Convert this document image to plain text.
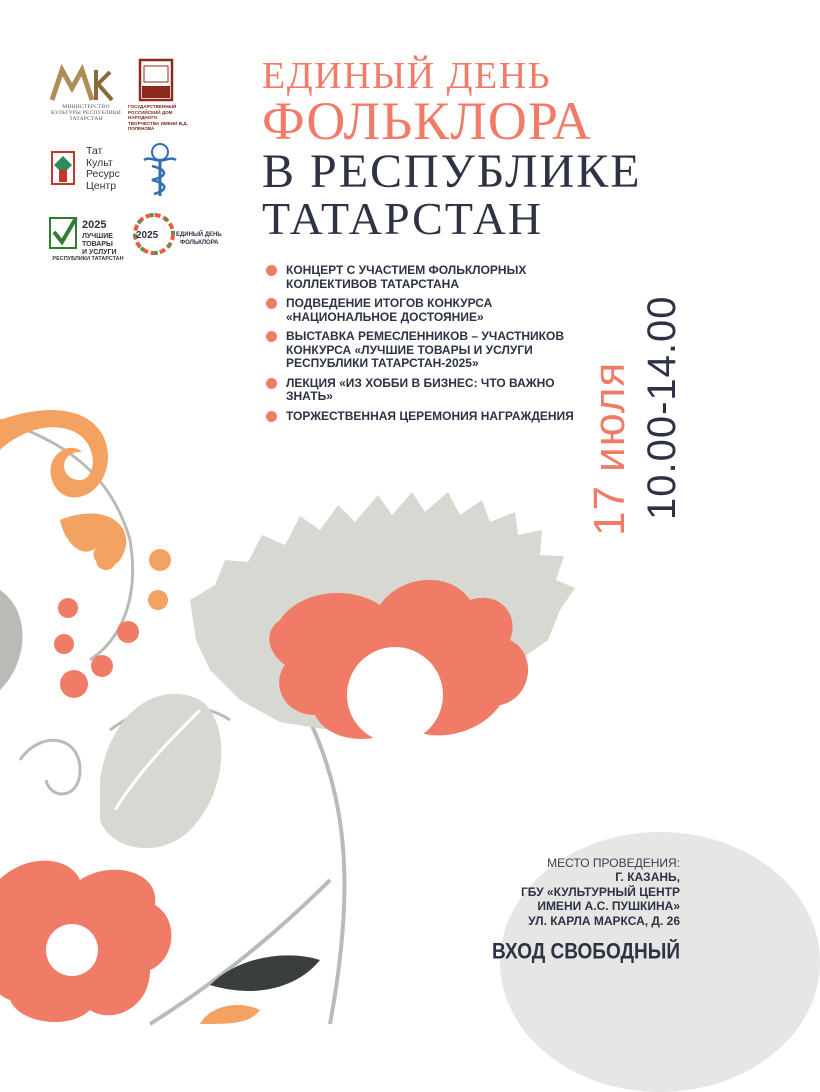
МИНИСТЕРСТВО КУЛЬТУРЫ РЕСПУБЛИКИ ТАТАРСТАН
ГОСУДАРСТВЕННЫЙ РОССИЙСКИЙ ДОМ НАРОДНОГО ТВОРЧЕСТВА ИМЕНИ В.Д. ПОЛЕНОВА
Тат
Культ
Ресурс
Центр
2025
ЛУЧШИЕ
ТОВАРЫ
И УСЛУГИ
РЕСПУБЛИКИ ТАТАРСТАН
2025	ЕДИНЫЙ ДЕНЬ
ФОЛЬКЛОРА
ЕДИНЫЙ ДЕНЬ
ФОЛЬКЛОРА
В РЕСПУБЛИКЕ
ТАТАРСТАН
КОНЦЕРТ С УЧАСТИЕМ ФОЛЬКЛОРНЫХ КОЛЛЕКТИВОВ ТАТАРСТАНА
ПОДВЕДЕНИЕ ИТОГОВ КОНКУРСА «НАЦИОНАЛЬНОЕ ДОСТОЯНИЕ»
ВЫСТАВКА РЕМЕСЛЕННИКОВ – УЧАСТНИКОВ КОНКУРСА «ЛУЧШИЕ ТОВАРЫ И УСЛУГИ РЕСПУБЛИКИ ТАТАРСТАН-2025»
ЛЕКЦИЯ «ИЗ ХОББИ В БИЗНЕС: ЧТО ВАЖНО ЗНАТЬ»
ТОРЖЕСТВЕННАЯ ЦЕРЕМОНИЯ НАГРАЖДЕНИЯ 17 июля 10.00-14.00
МЕСТО ПРОВЕДЕНИЯ:
Г. КАЗАНЬ,
ГБУ «КУЛЬТУРНЫЙ ЦЕНТР
ИМЕНИ А.С. ПУШКИНА»
УЛ. КАРЛА МАРКСА, Д. 26
ВХОД СВОБОДНЫЙ
